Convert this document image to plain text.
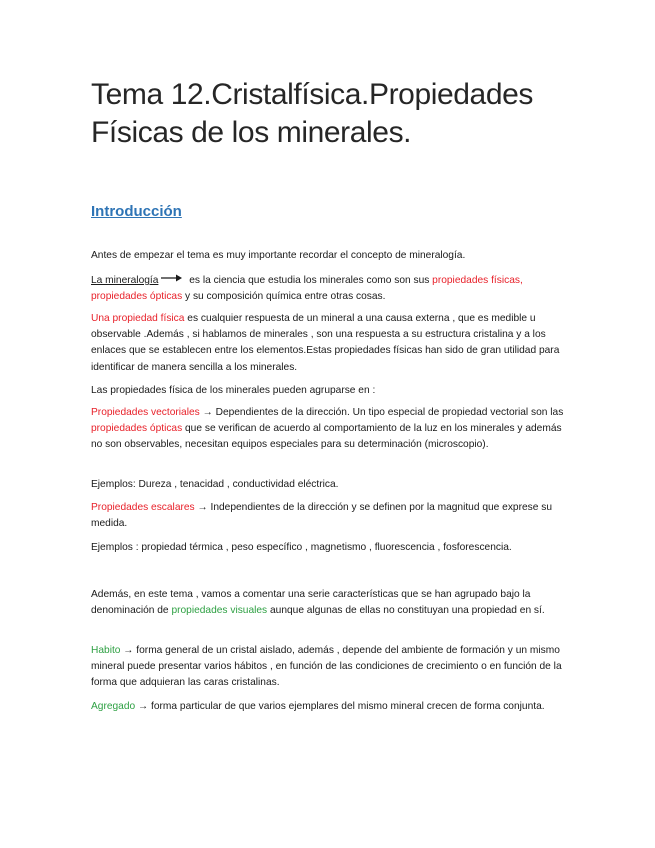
Tema 12.Cristalfísica.Propiedades Físicas de los minerales.
Introducción

Antes de empezar el tema es muy importante recordar el concepto de mineralogía.

La mineralogía	es la ciencia que estudia los minerales como son sus propiedades físicas, propiedades ópticas y su composición química entre otras cosas.

Una propiedad física es cualquier respuesta de un mineral a una causa externa , que es medible u observable .Además , si hablamos de minerales , son una respuesta a su estructura cristalina y a los enlaces que se establecen entre los elementos.Estas propiedades físicas han sido de gran utilidad para identificar de manera sencilla a los minerales.

Las propiedades física de los minerales pueden agruparse en :

Propiedades vectoriales → Dependientes de la dirección. Un tipo especial de propiedad vectorial son las propiedades ópticas que se verifican de acuerdo al comportamiento de la luz en los minerales y además no son observables, necesitan equipos especiales para su determinación (microscopio).

Ejemplos: Dureza , tenacidad , conductividad eléctrica.

Propiedades escalares → Independientes de la dirección y se definen por la magnitud que exprese su medida.

Ejemplos : propiedad térmica , peso específico , magnetismo , fluorescencia , fosforescencia.

Además, en este tema , vamos a comentar una serie características que se han agrupado bajo la denominación de propiedades visuales aunque algunas de ellas no constituyan una propiedad en sí.

Habito → forma general de un cristal aislado, además , depende del ambiente de formación y un mismo mineral puede presentar varios hábitos , en función de las condiciones de crecimiento o en función de la forma que adquieran las caras cristalinas.

Agregado → forma particular de que varios ejemplares del mismo mineral crecen de forma conjunta.
